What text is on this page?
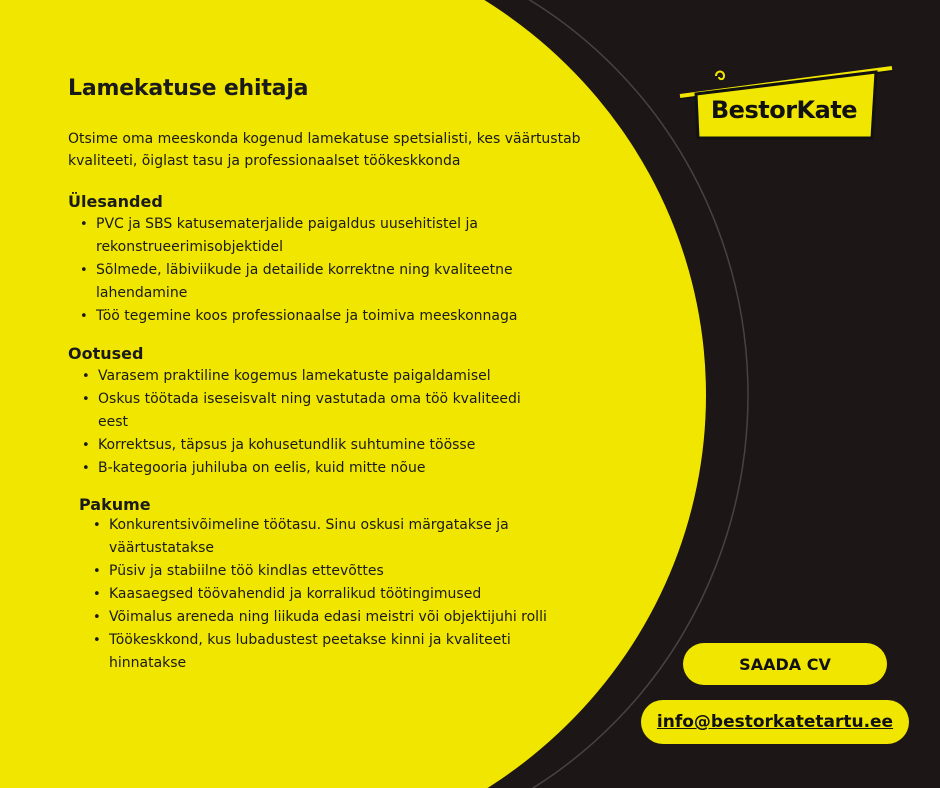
Lamekatuse ehitaja

Otsime oma meeskonda kogenud lamekatuse spetsialisti, kes väärtustab kvaliteeti, õiglast tasu ja professionaalset töökeskkonda

Ülesanded
• PVC ja SBS katusematerjalide paigaldus uusehitistel ja rekonstrueerimisobjektidel
• Sõlmede, läbiviikude ja detailide korrektne ning kvaliteetne lahendamine
• Töö tegemine koos professionaalse ja toimiva meeskonnaga
Ootused
• Varasem praktiline kogemus lamekatuste paigaldamisel
• Oskus töötada iseseisvalt ning vastutada oma töö kvaliteedi eest
• Korrektsus, täpsus ja kohusetundlik suhtumine töösse
• B-kategooria juhiluba on eelis, kuid mitte nõue
Pakume
• Konkurentsivõimeline töötasu. Sinu oskusi märgatakse ja väärtustatakse
• Püsiv ja stabiilne töö kindlas ettevõttes
• Kaasaegsed töövahendid ja korralikud töötingimused
• Võimalus areneda ning liikuda edasi meistri või objektijuhi rolli
• Töökeskkond, kus lubadustest peetakse kinni ja kvaliteeti hinnatakse
BestorKate
SAADA CV
info@bestorkatetartu.ee
